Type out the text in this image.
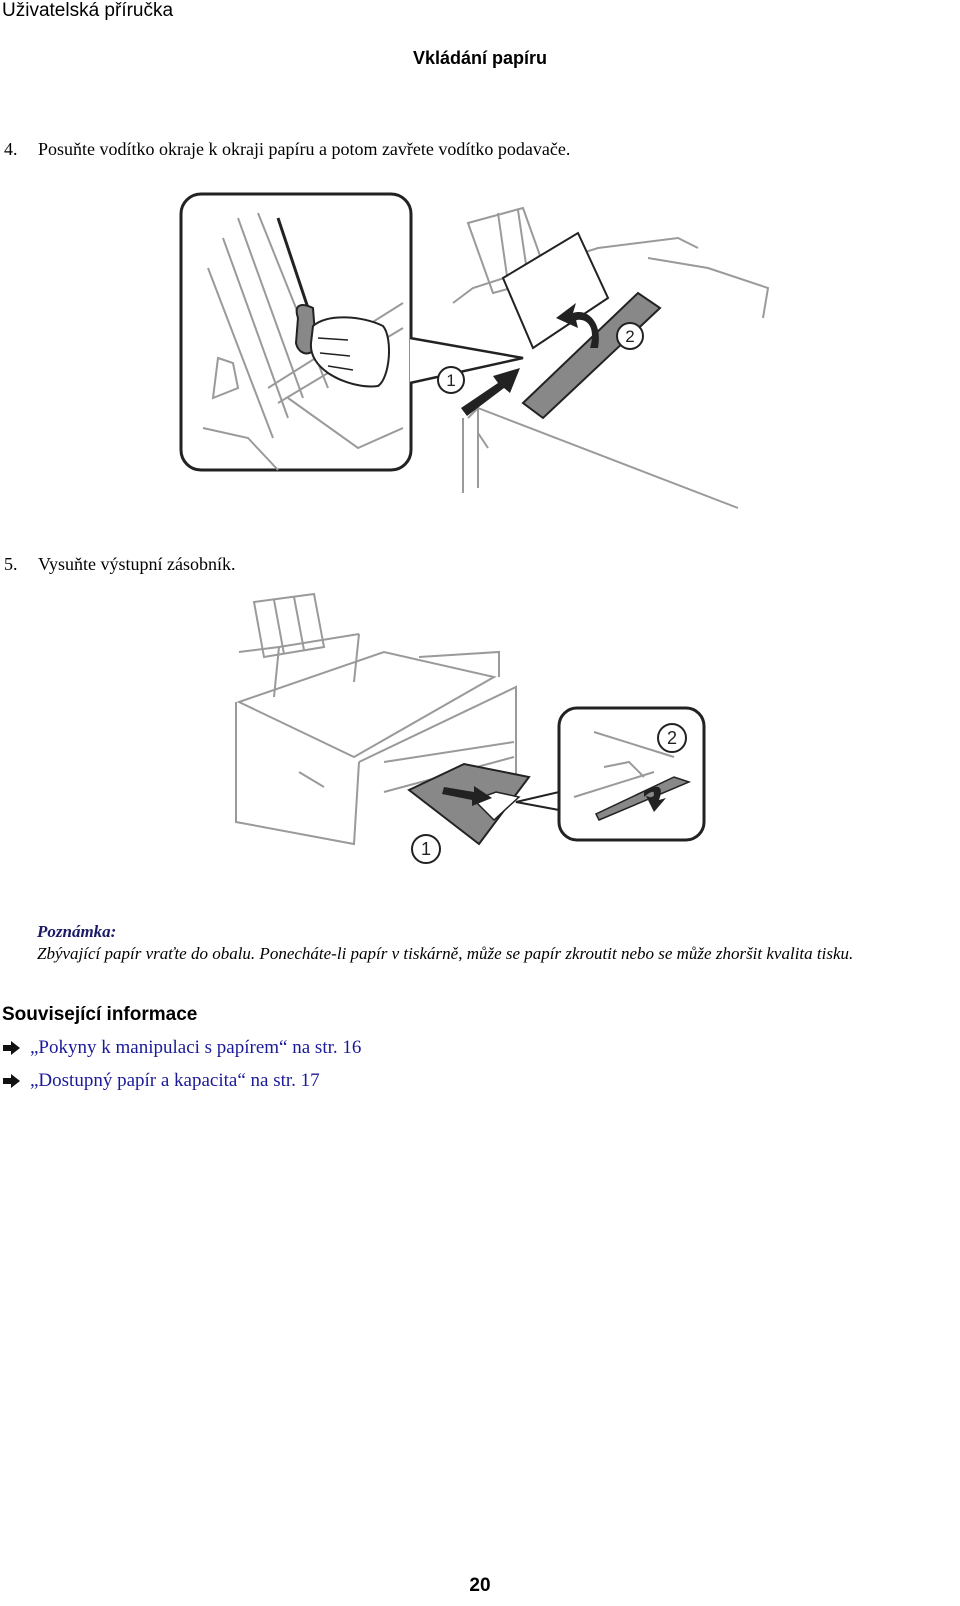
Uživatelská příručka
Vkládání papíru
4. Posuňte vodítko okraje k okraji papíru a potom zavřete vodítko podavače.
1
2
5. Vysuňte výstupní zásobník.
1
2
Poznámka:
Zbývající papír vraťte do obalu. Ponecháte-li papír v tiskárně, může se papír zkroutit nebo se může zhoršit kvalita tisku.
Související informace
„Pokyny k manipulaci s papírem“ na str. 16
„Dostupný papír a kapacita“ na str. 17
20
